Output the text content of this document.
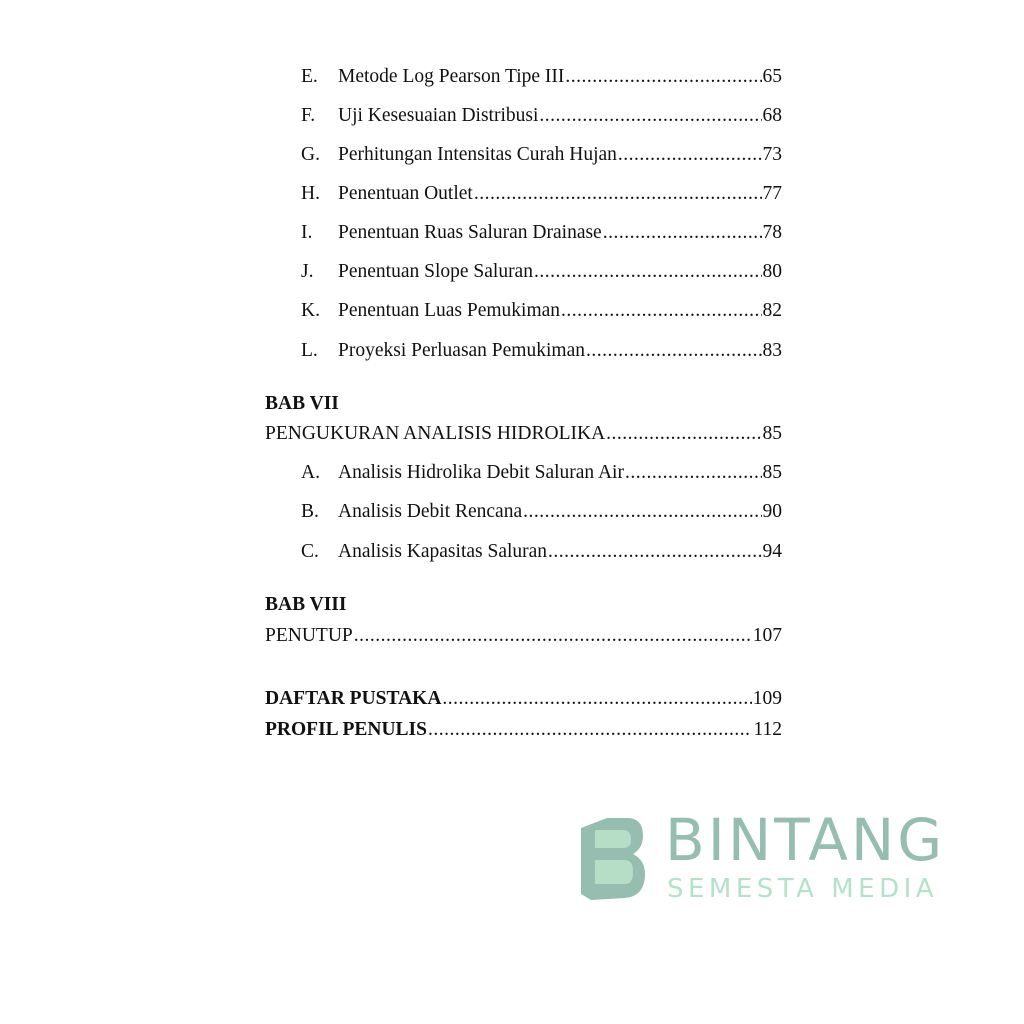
E.	Metode Log Pearson Tipe III .....	65
F.	Uji Kesesuaian Distribusi .....	68
G. Perhitungan Intensitas Curah Hujan .....	73
H. Penentuan Outlet .....	77
I.	Penentuan Ruas Saluran Drainase .....	78
J.	Penentuan Slope Saluran .....	80
K. Penentuan Luas Pemukiman .....	82
L.	Proyeksi Perluasan Pemukiman .....	83
BAB VII
PENGUKURAN ANALISIS HIDROLIKA .....	85
A. Analisis Hidrolika Debit Saluran Air .....	85
B. Analisis Debit Rencana .....	90
C. Analisis Kapasitas Saluran .....	94
BAB VIII
PENUTUP .....	107
DAFTAR PUSTAKA .....	109
PROFIL PENULIS .....	112
BINTANG
SEMESTA MEDIA
